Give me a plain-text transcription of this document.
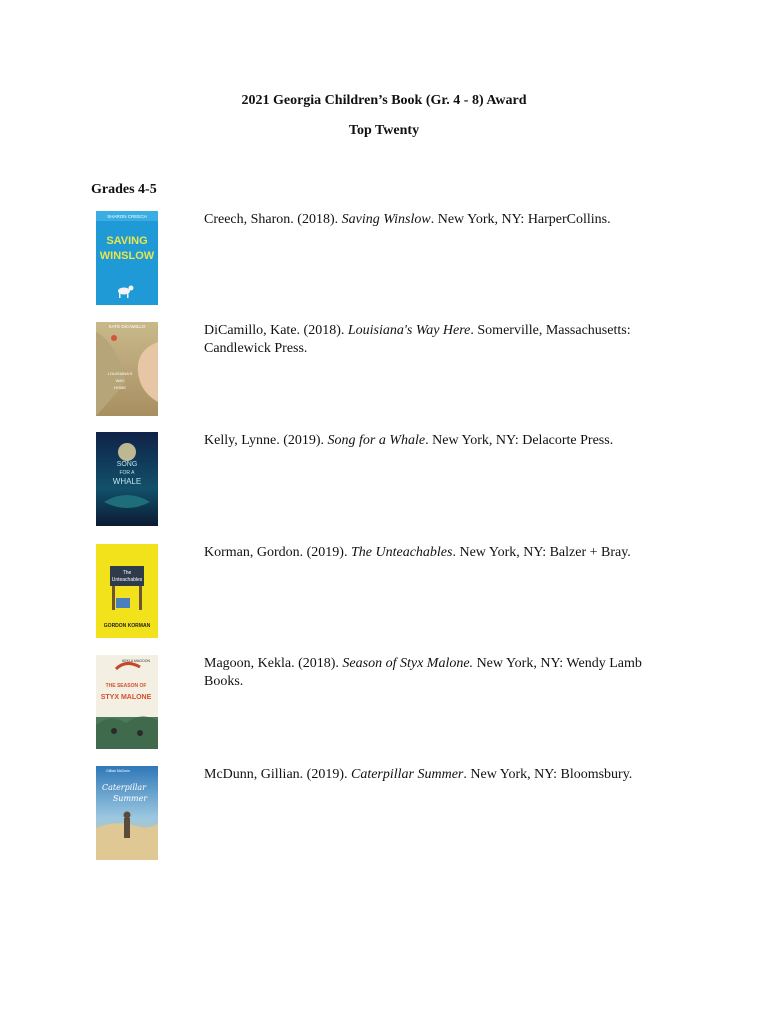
2021 Georgia Children’s Book (Gr. 4 - 8) Award
Top Twenty
Grades 4-5
SHARON CREECH
SAVING
WINSLOW
Creech, Sharon. (2018). Saving Winslow. New York, NY: HarperCollins.
KATE DiCAMILLO
LOUISIANA'S
WAY
HOME
DiCamillo, Kate. (2018). Louisiana's Way Here. Somerville, Massachusetts: Candlewick Press.
SONG
FOR A
WHALE
Kelly, Lynne. (2019). Song for a Whale. New York, NY: Delacorte Press.
The
Unteachables
GORDON KORMAN
Korman, Gordon. (2019). The Unteachables. New York, NY: Balzer + Bray.
KEKLA MAGOON
THE SEASON OF
STYX MALONE
Magoon, Kekla. (2018). Season of Styx Malone. New York, NY: Wendy Lamb Books.
Gillian McDunn
Caterpillar
Summer
McDunn, Gillian. (2019). Caterpillar Summer. New York, NY: Bloomsbury.
